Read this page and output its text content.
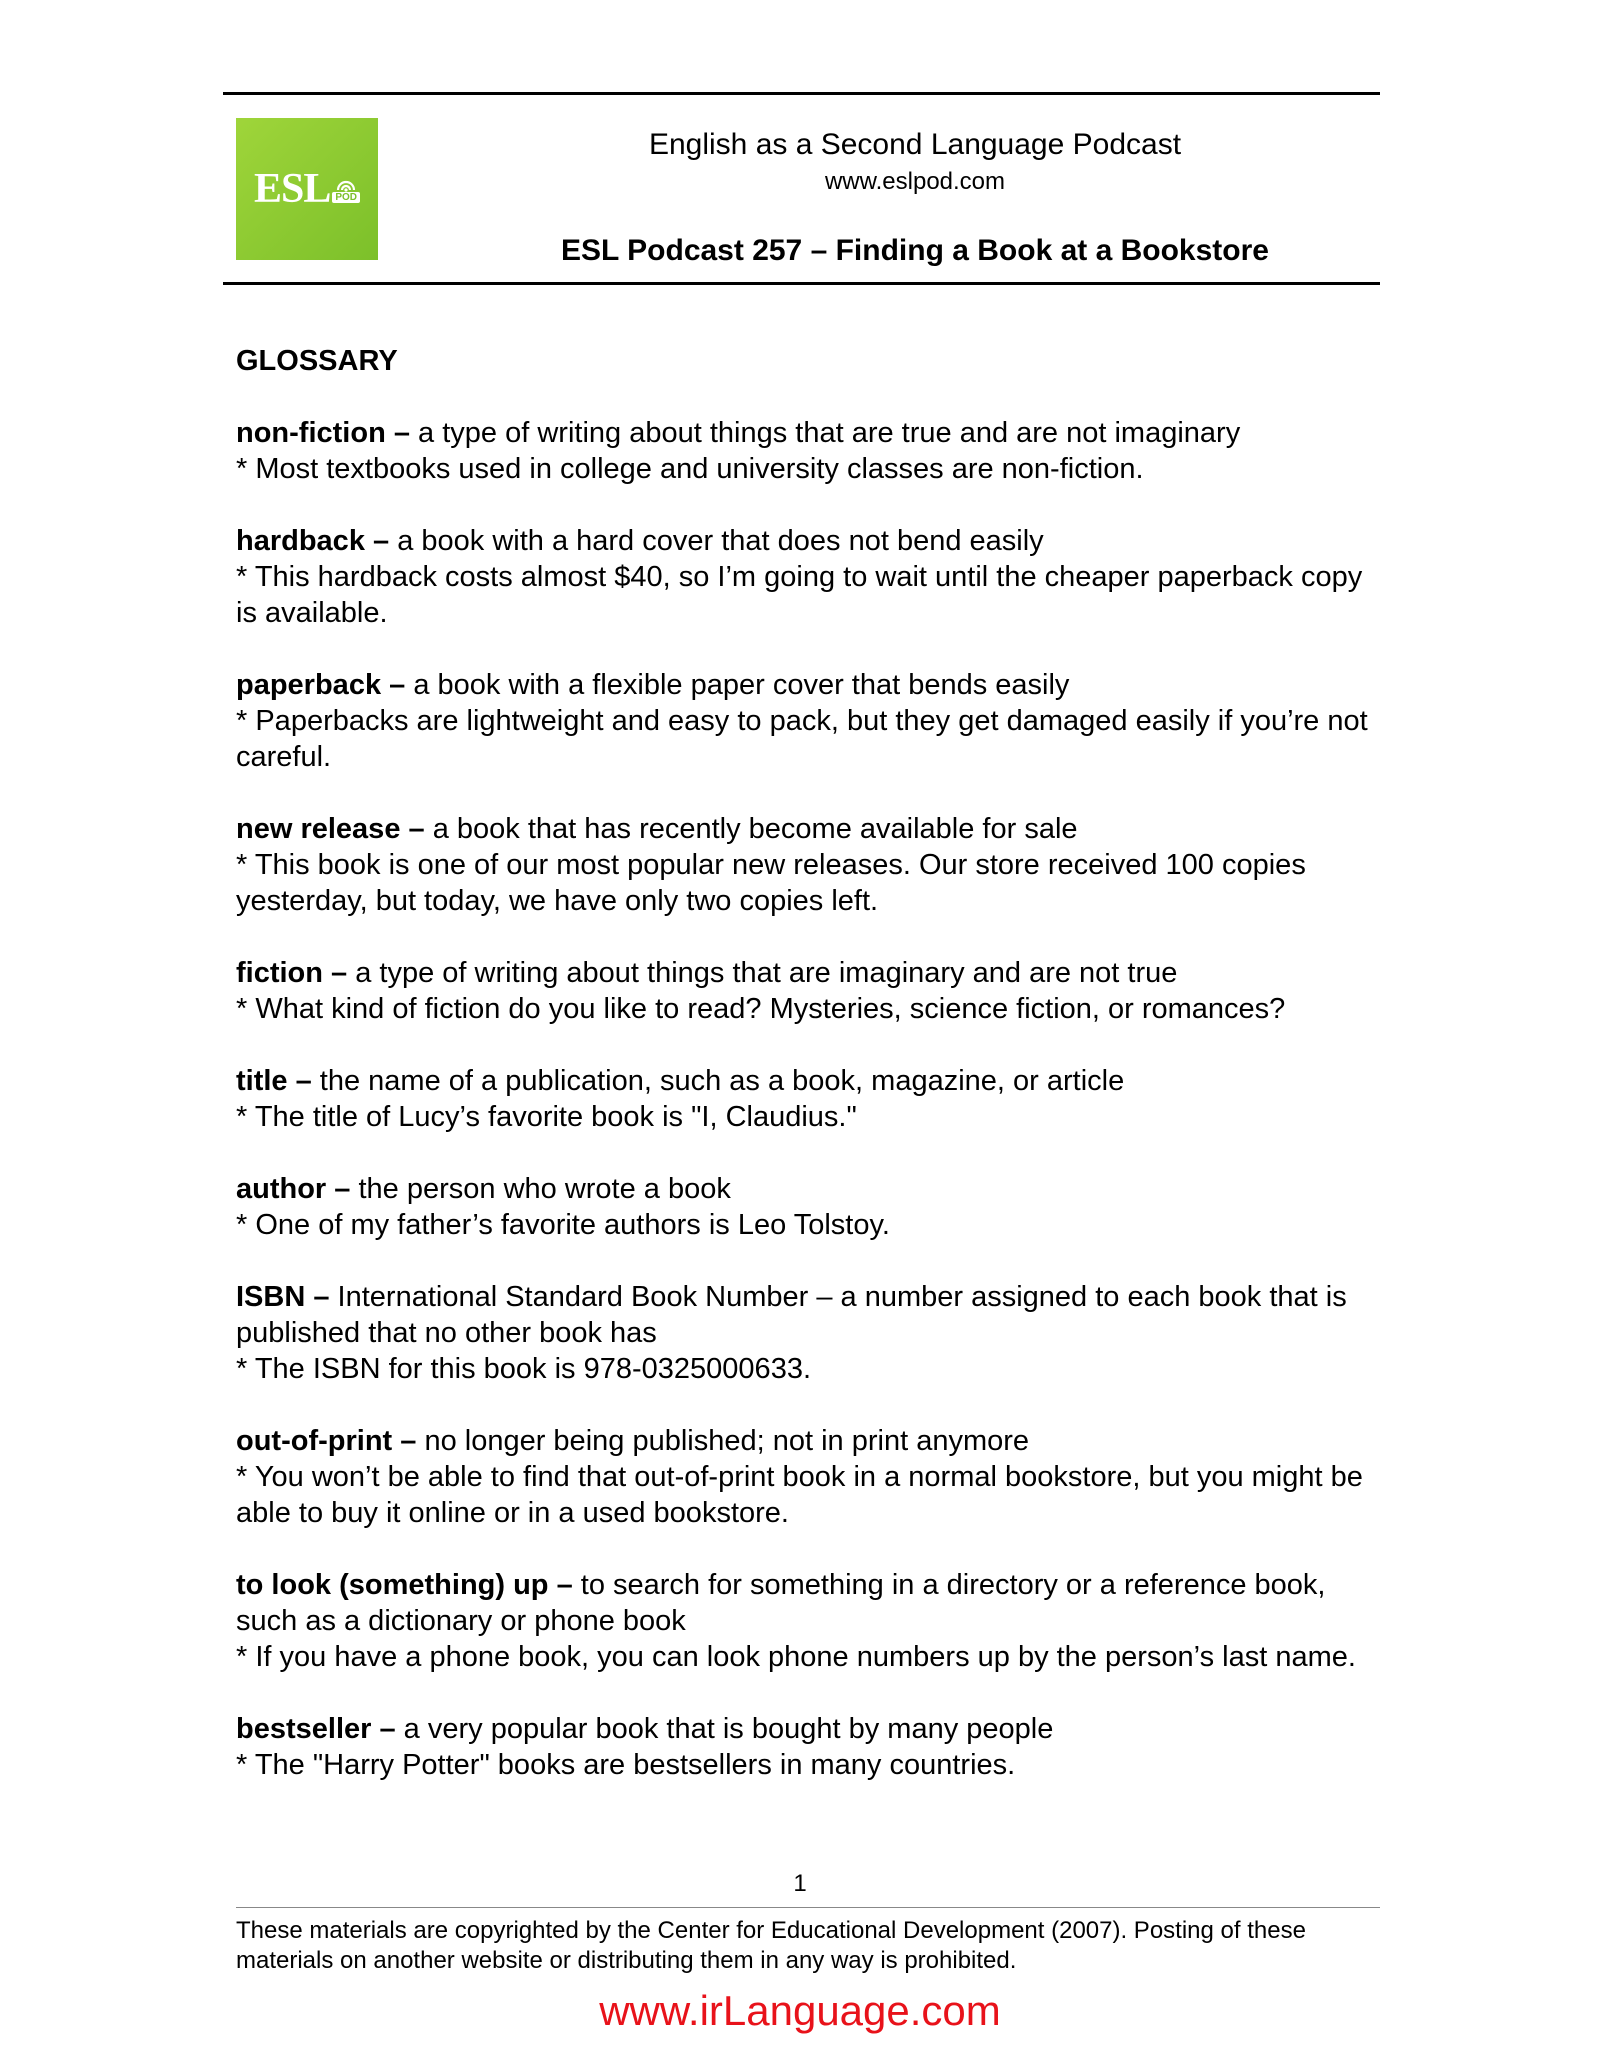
ESL POD
English as a Second Language Podcast
www.eslpod.com
ESL Podcast 257 – Finding a Book at a Bookstore
GLOSSARY
non-fiction – a type of writing about things that are true and are not imaginary
* Most textbooks used in college and university classes are non-fiction.
hardback – a book with a hard cover that does not bend easily
* This hardback costs almost $40, so I’m going to wait until the cheaper paperback copy is available.
paperback – a book with a flexible paper cover that bends easily
* Paperbacks are lightweight and easy to pack, but they get damaged easily if you’re not careful.
new release – a book that has recently become available for sale
* This book is one of our most popular new releases. Our store received 100 copies yesterday, but today, we have only two copies left.
fiction – a type of writing about things that are imaginary and are not true
* What kind of fiction do you like to read? Mysteries, science fiction, or romances?
title – the name of a publication, such as a book, magazine, or article
* The title of Lucy’s favorite book is "I, Claudius."
author – the person who wrote a book
* One of my father’s favorite authors is Leo Tolstoy.
ISBN – International Standard Book Number – a number assigned to each book that is published that no other book has
* The ISBN for this book is 978-0325000633.
out-of-print – no longer being published; not in print anymore
* You won’t be able to find that out-of-print book in a normal bookstore, but you might be able to buy it online or in a used bookstore.
to look (something) up – to search for something in a directory or a reference book, such as a dictionary or phone book
* If you have a phone book, you can look phone numbers up by the person’s last name.
bestseller – a very popular book that is bought by many people
* The "Harry Potter" books are bestsellers in many countries.
1
These materials are copyrighted by the Center for Educational Development (2007). Posting of these materials on another website or distributing them in any way is prohibited.
www.irLanguage.com
